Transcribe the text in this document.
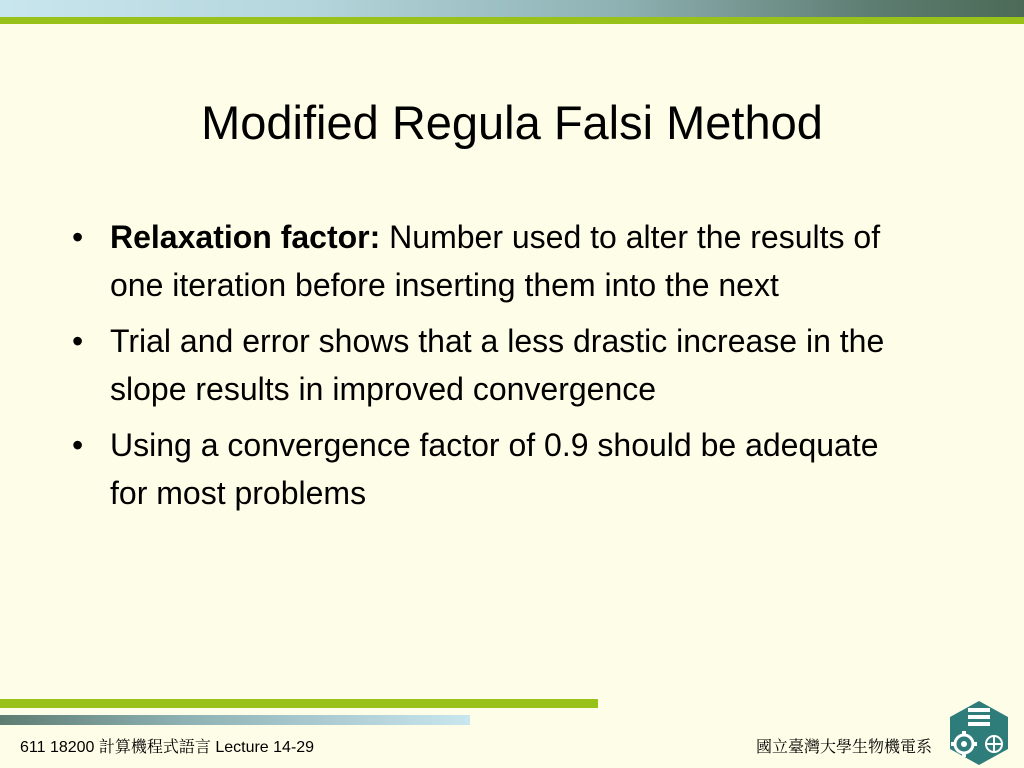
Modified Regula Falsi Method
• Relaxation factor: Number used to alter the results of one iteration before inserting them into the next
• Trial and error shows that a less drastic increase in the slope results in improved convergence
• Using a convergence factor of 0.9 should be adequate for most problems
611 18200 計算機程式語言 Lecture 14-29	國立臺灣大學生物機電系
